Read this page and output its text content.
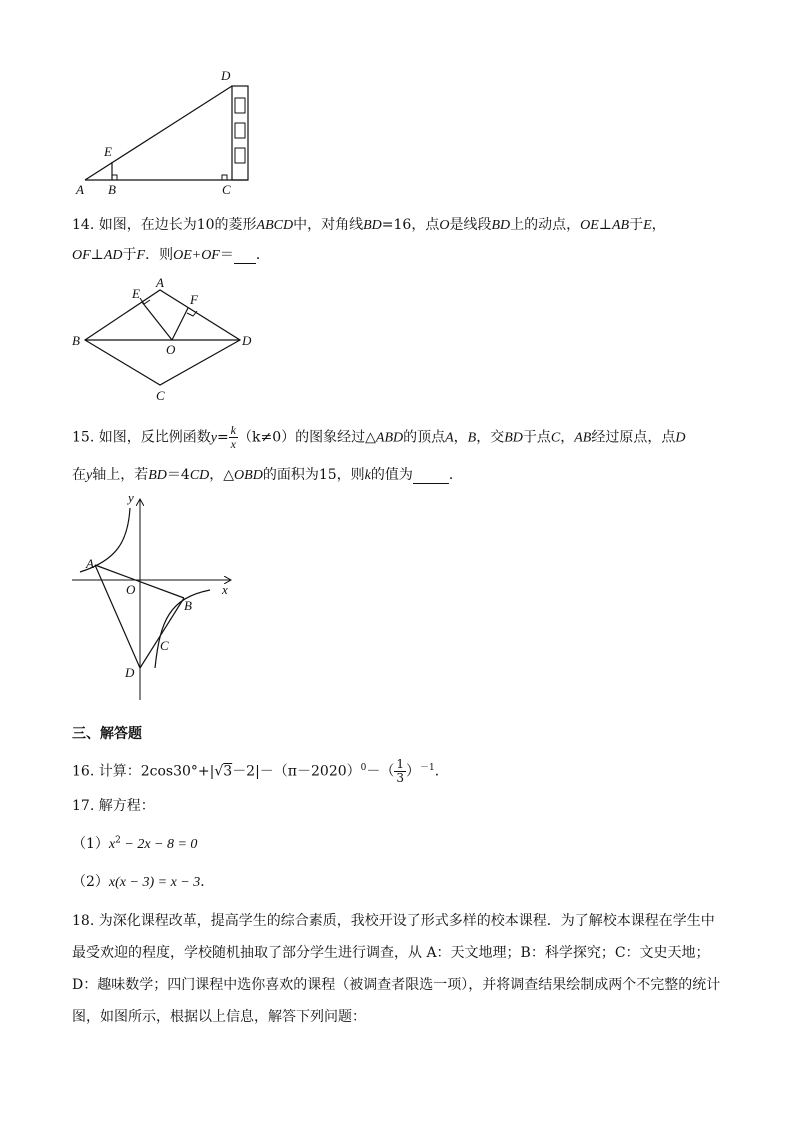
D
E
A B	C
14. 如图，在边长为10的菱形ABCD中，对角线BD=16，点O是线段BD上的动点，OE⊥AB于E，
OF⊥AD于F．则OE+OF＝ ．
A
B
C
D
E	F
O
15. 如图，反比例函数$y= \frac{k}{x} (k\ne 0)$的图象经过△ABD的顶点A，B，交BD于点C，AB经过原点，点D
在y轴上，若BD＝4CD，△OBD的面积为15，则k的值为	．
y
x
A
O
B
C
D
三、解答题
16. 计算：$2\cos 30^\circ+|√3-2|-(\pi-2020)^0-( \frac{1}{3} )^{-1}$．
17. 解方程：
$(1)x^2 - 2x - 8 = 0$
（2）x(x − 3) = x − 3．
18. 为深化课程改革，提高学生的综合素质，我校开设了形式多样的校本课程．为了解校本课程在学生中
最受欢迎的程度，学校随机抽取了部分学生进行调查，从 A：天文地理；B：科学探究；C：文史天地；
D：趣味数学；四门课程中选你喜欢的课程（被调查者限选一项），并将调查结果绘制成两个不完整的统计
图，如图所示，根据以上信息，解答下列问题：
